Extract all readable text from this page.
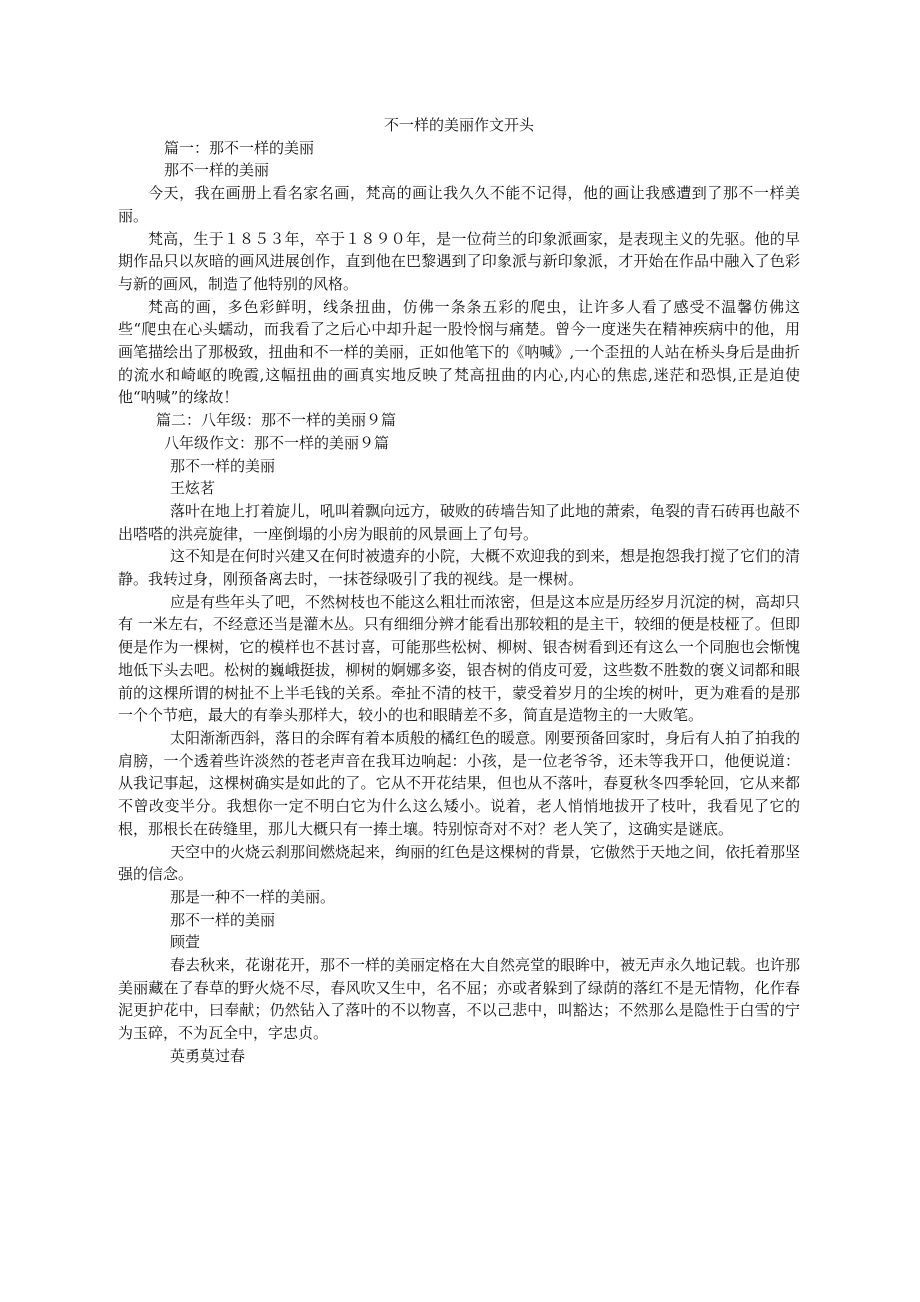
不一样的美丽作文开头

篇一：那不一样的美丽

那不一样的美丽

今天，我在画册上看名家名画，梵高的画让我久久不能不记得，他的画让我感遭到了那不一样美丽。

梵高，生于１８５３年，卒于１８９０年，是一位荷兰的印象派画家，是表现主义的先驱。他的早期作品只以灰暗的画风进展创作，直到他在巴黎遇到了印象派与新印象派，才开始在作品中融入了色彩与新的画风，制造了他特别的风格。

梵高的画，多色彩鲜明，线条扭曲，仿佛一条条五彩的爬虫，让许多人看了感受不温馨仿佛这些“爬虫在心头蠕动，而我看了之后心中却升起一股怜悯与痛楚。曾今一度迷失在精神疾病中的他，用画笔描绘出了那极致，扭曲和不一样的美丽，正如他笔下的《呐喊》,一个歪扭的人站在桥头身后是曲折的流水和崎岖的晚霞,这幅扭曲的画真实地反映了梵高扭曲的内心,内心的焦虑,迷茫和恐惧,正是迫使他“呐喊”的缘故！

篇二：八年级：那不一样的美丽９篇

八年级作文：那不一样的美丽９篇

那不一样的美丽

王炫茗

落叶在地上打着旋儿，吼叫着飘向远方，破败的砖墙告知了此地的萧索，龟裂的青石砖再也敲不出嗒嗒的洪亮旋律，一座倒塌的小房为眼前的风景画上了句号。

这不知是在何时兴建又在何时被遗弃的小院，大概不欢迎我的到来，想是抱怨我打搅了它们的清静。我转过身，刚预备离去时，一抹苍绿吸引了我的视线。是一棵树。

应是有些年头了吧，不然树枝也不能这么粗壮而浓密，但是这本应是历经岁月沉淀的树，高却只有 一米左右，不经意还当是灌木丛。只有细细分辨才能看出那较粗的是主干，较细的便是枝桠了。但即便是作为一棵树，它的模样也不甚讨喜，可能那些松树、柳树、银杏树看到还有这么一个同胞也会惭愧地低下头去吧。松树的巍峨挺拔，柳树的婀娜多姿，银杏树的俏皮可爱，这些数不胜数的褒义词都和眼前的这棵所谓的树扯不上半毛钱的关系。牵扯不清的枝干，蒙受着岁月的尘埃的树叶，更为难看的是那一个个节疤，最大的有拳头那样大，较小的也和眼睛差不多，简直是造物主的一大败笔。

太阳渐渐西斜，落日的余晖有着本质般的橘红色的暖意。刚要预备回家时，身后有人拍了拍我的肩膀，一个透着些许淡然的苍老声音在我耳边响起：小孩，是一位老爷爷，还未等我开口，他便说道：从我记事起，这棵树确实是如此的了。它从不开花结果，但也从不落叶，春夏秋冬四季轮回，它从来都不曾改变半分。我想你一定不明白它为什么这么矮小。说着，老人悄悄地拔开了枝叶，我看见了它的根，那根长在砖缝里，那儿大概只有一捧土壤。特别惊奇对不对？老人笑了，这确实是谜底。

天空中的火烧云刹那间燃烧起来，绚丽的红色是这棵树的背景，它傲然于天地之间，依托着那坚强的信念。

那是一种不一样的美丽。

那不一样的美丽

顾萱

春去秋来，花谢花开，那不一样的美丽定格在大自然亮堂的眼眸中，被无声永久地记载。也许那美丽藏在了春草的野火烧不尽，春风吹又生中，名不屈；亦或者躲到了绿荫的落红不是无情物，化作春泥更护花中，曰奉献；仍然钻入了落叶的不以物喜，不以己悲中，叫豁达；不然那么是隐性于白雪的宁为玉碎，不为瓦全中，字忠贞。

英勇莫过春
